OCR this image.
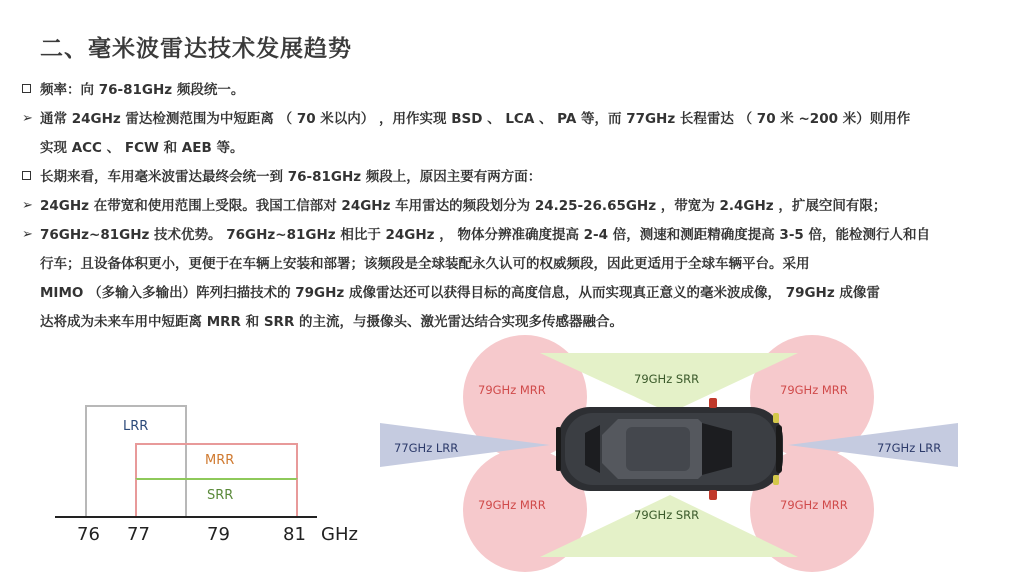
二、毫米波雷达技术发展趋势
频率：向 76-81GHz 频段统一。
➢ 通常 24GHz 雷达检测范围为中短距离 （ 70 米以内） ，用作实现 BSD 、 LCA 、 PA 等，而 77GHz 长程雷达 （ 70 米 ~200 米）则用作
实现 ACC 、 FCW 和 AEB 等。
长期来看，车用毫米波雷达最终会统一到 76-81GHz 频段上，原因主要有两方面：
➢ 24GHz 在带宽和使用范围上受限。我国工信部对 24GHz 车用雷达的频段划分为 24.25-26.65GHz ，带宽为 2.4GHz ，扩展空间有限；
➢ 76GHz~81GHz 技术优势。 76GHz~81GHz 相比于 24GHz ， 物体分辨准确度提高 2-4 倍，测速和测距精确度提高 3-5 倍，能检测行人和自
行车；且设备体积更小，更便于在车辆上安装和部署；该频段是全球装配永久认可的权威频段，因此更适用于全球车辆平台。采用
MIMO （多输入多输出）阵列扫描技术的 79GHz 成像雷达还可以获得目标的高度信息，从而实现真正意义的毫米波成像， 79GHz 成像雷
达将成为未来车用中短距离 MRR 和 SRR 的主流，与摄像头、激光雷达结合实现多传感器融合。
LRR
MRR
SRR
76 77	79	81 GHz
79GHz MRR	79GHz MRR
79GHz MRR	79GHz MRR
79GHz SRR
79GHz SRR
77GHz LRR	77GHz LRR
